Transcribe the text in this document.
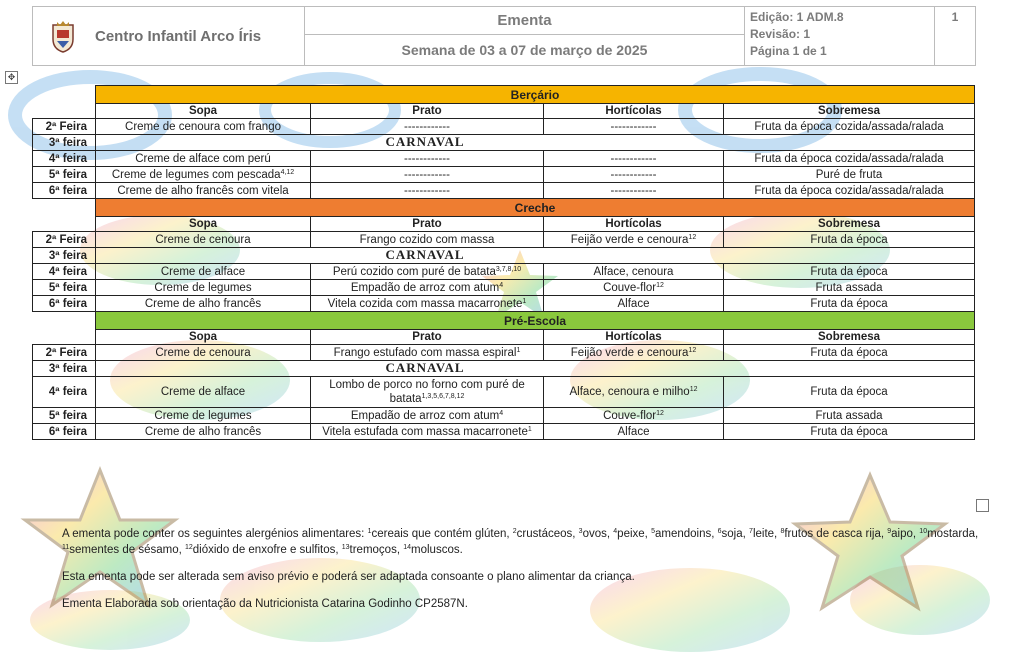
Centro Infantil Arco Íris
	Ementa	Edição: 1 ADM.8
Revisão: 1
Página 1 de 1
	1
Semana de 03 a 07 de março de 2025
✥
	Berçário			
	Sopa	Prato	Hortícolas	Sobremesa
2ª Feira	Creme de cenoura com frango	------------	------------	Fruta da época cozida/assada/ralada
3ª feira	CARNAVAL			
4ª feira	Creme de alface com perú	------------	------------	Fruta da época cozida/assada/ralada
5ª feira	Creme de legumes com pescada$^{4,12}$	------------	------------	Puré de fruta
6ª feira	Creme de alho francês com vitela	------------	------------	Fruta da época cozida/assada/ralada
	Creche			
	Sopa	Prato	Hortícolas	Sobremesa
2ª Feira	Creme de cenoura	Frango cozido com massa	Feijão verde e cenoura$^{12}$	Fruta da época
3ª feira	CARNAVAL			
4ª feira	Creme de alface	Perú cozido com puré de batata$^{3,7,8,10}$	Alface, cenoura	Fruta da época
5ª feira	Creme de legumes	Empadão de arroz com atum$^4$	Couve-flor$^{12}$	Fruta assada
6ª feira	Creme de alho francês	Vitela cozida com massa macarronete$^1$	Alface	Fruta da época
	Pré-Escola			
	Sopa	Prato	Hortícolas	Sobremesa
2ª Feira	Creme de cenoura	Frango estufado com massa espiral$^1$	Feijão verde e cenoura$^{12}$	Fruta da época
3ª feira	CARNAVAL			
4ª feira	Creme de alface	Lombo de porco no forno com puré de batata$^{1,3,5,6,7,8,12}$	Alface, cenoura e milho$^{12}$	Fruta da época
5ª feira	Creme de legumes	Empadão de arroz com atum$^4$	Couve-flor$^{12}$	Fruta assada
6ª feira	Creme de alho francês	Vitela estufada com massa macarronete$^1$	Alface	Fruta da época

A ementa pode conter os seguintes alergénios alimentares: $^1$cereais que contém glúten, $^2$crustáceos, $^3$ovos, $^4$peixe, $^5$amendoins, $^6$soja, $^7$leite, $^8$frutos de casca rija, $^9$aipo, $^{10}$mostarda, $^{11}$sementes de sésamo, $^{12}$dióxido de enxofre e sulfitos, $^{13}$tremoços, $^{14}$moluscos.

Esta ementa pode ser alterada sem aviso prévio e poderá ser adaptada consoante o plano alimentar da criança.

Ementa Elaborada sob orientação da Nutricionista Catarina Godinho CP2587N.
